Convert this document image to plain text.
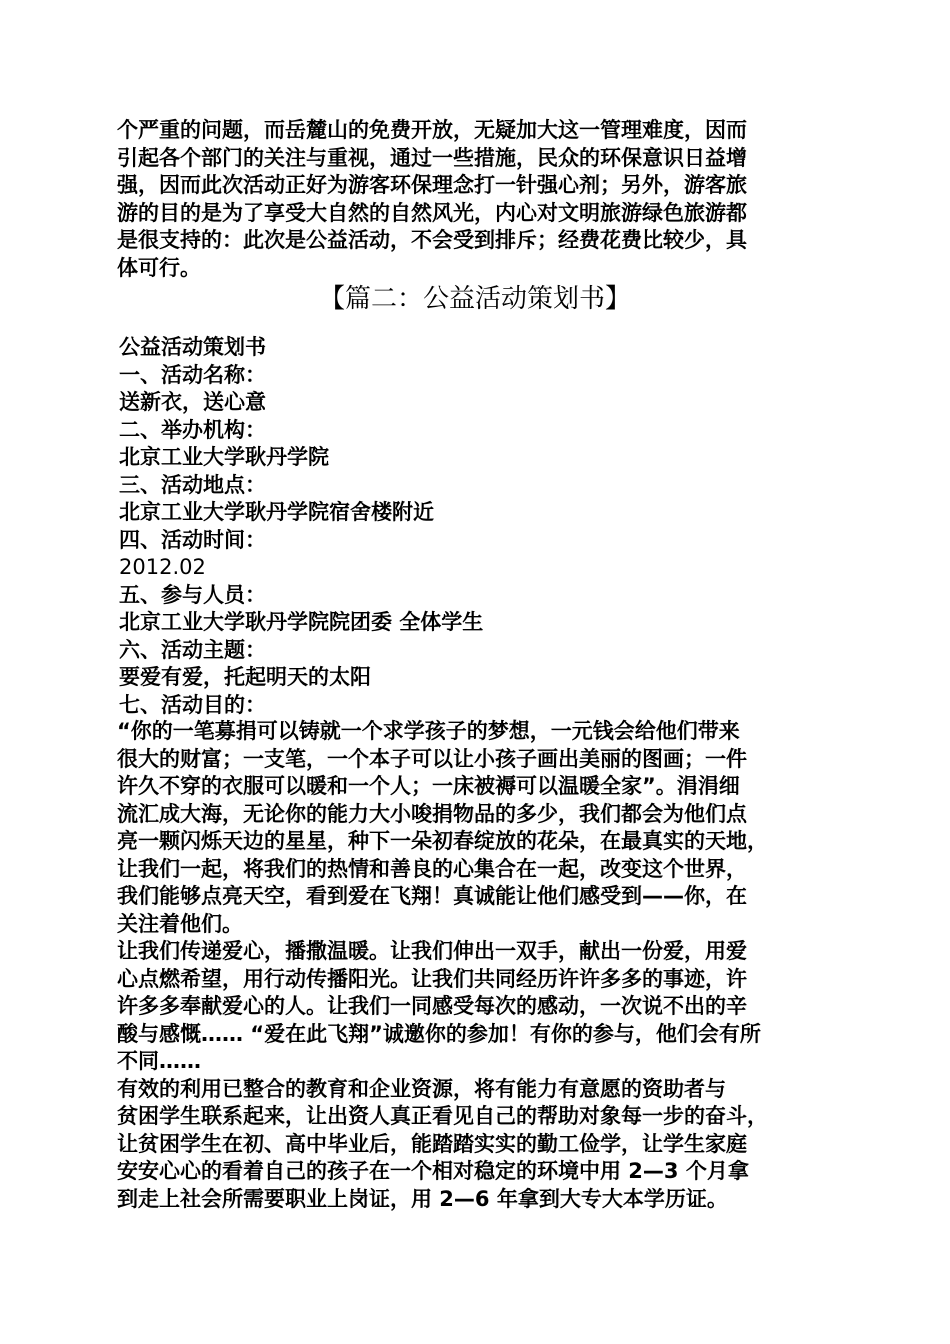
个严重的问题，而岳麓山的免费开放，无疑加大这一管理难度，因而
引起各个部门的关注与重视，通过一些措施，民众的环保意识日益增
强，因而此次活动正好为游客环保理念打一针强心剂；另外，游客旅
游的目的是为了享受大自然的自然风光，内心对文明旅游绿色旅游都
是很支持的：此次是公益活动，不会受到排斥；经费花费比较少，具
体可行。
【篇二：公益活动策划书】
公益活动策划书
一、活动名称：
送新衣，送心意
二、举办机构：
北京工业大学耿丹学院
三、活动地点：
北京工业大学耿丹学院宿舍楼附近
四、活动时间：
2012.02
五、参与人员：
北京工业大学耿丹学院院团委 全体学生
六、活动主题：
要爱有爱，托起明天的太阳
七、活动目的：
“你的一笔募捐可以铸就一个求学孩子的梦想，一元钱会给他们带来
很大的财富；一支笔，一个本子可以让小孩子画出美丽的图画；一件
许久不穿的衣服可以暖和一个人；一床被褥可以温暖全家”。涓涓细
流汇成大海，无论你的能力大小唆捐物品的多少，我们都会为他们点
亮一颗闪烁天边的星星，种下一朵初春绽放的花朵，在最真实的天地，
让我们一起，将我们的热情和善良的心集合在一起，改变这个世界，
我们能够点亮天空，看到爱在飞翔！真诚能让他们感受到——你，在
关注着他们。
让我们传递爱心，播撒温暖。让我们伸出一双手，献出一份爱，用爱
心点燃希望，用行动传播阳光。让我们共同经历许许多多的事迹，许
许多多奉献爱心的人。让我们一同感受每次的感动，一次说不出的辛
酸与感慨…… “爱在此飞翔”诚邀你的参加！有你的参与，他们会有所
不同……
有效的利用已整合的教育和企业资源，将有能力有意愿的资助者与
贫困学生联系起来，让出资人真正看见自己的帮助对象每一步的奋斗，
让贫困学生在初、高中毕业后，能踏踏实实的勤工俭学，让学生家庭
安安心心的看着自己的孩子在一个相对稳定的环境中用 2—3 个月拿
到走上社会所需要职业上岗证，用 2—6 年拿到大专大本学历证。
